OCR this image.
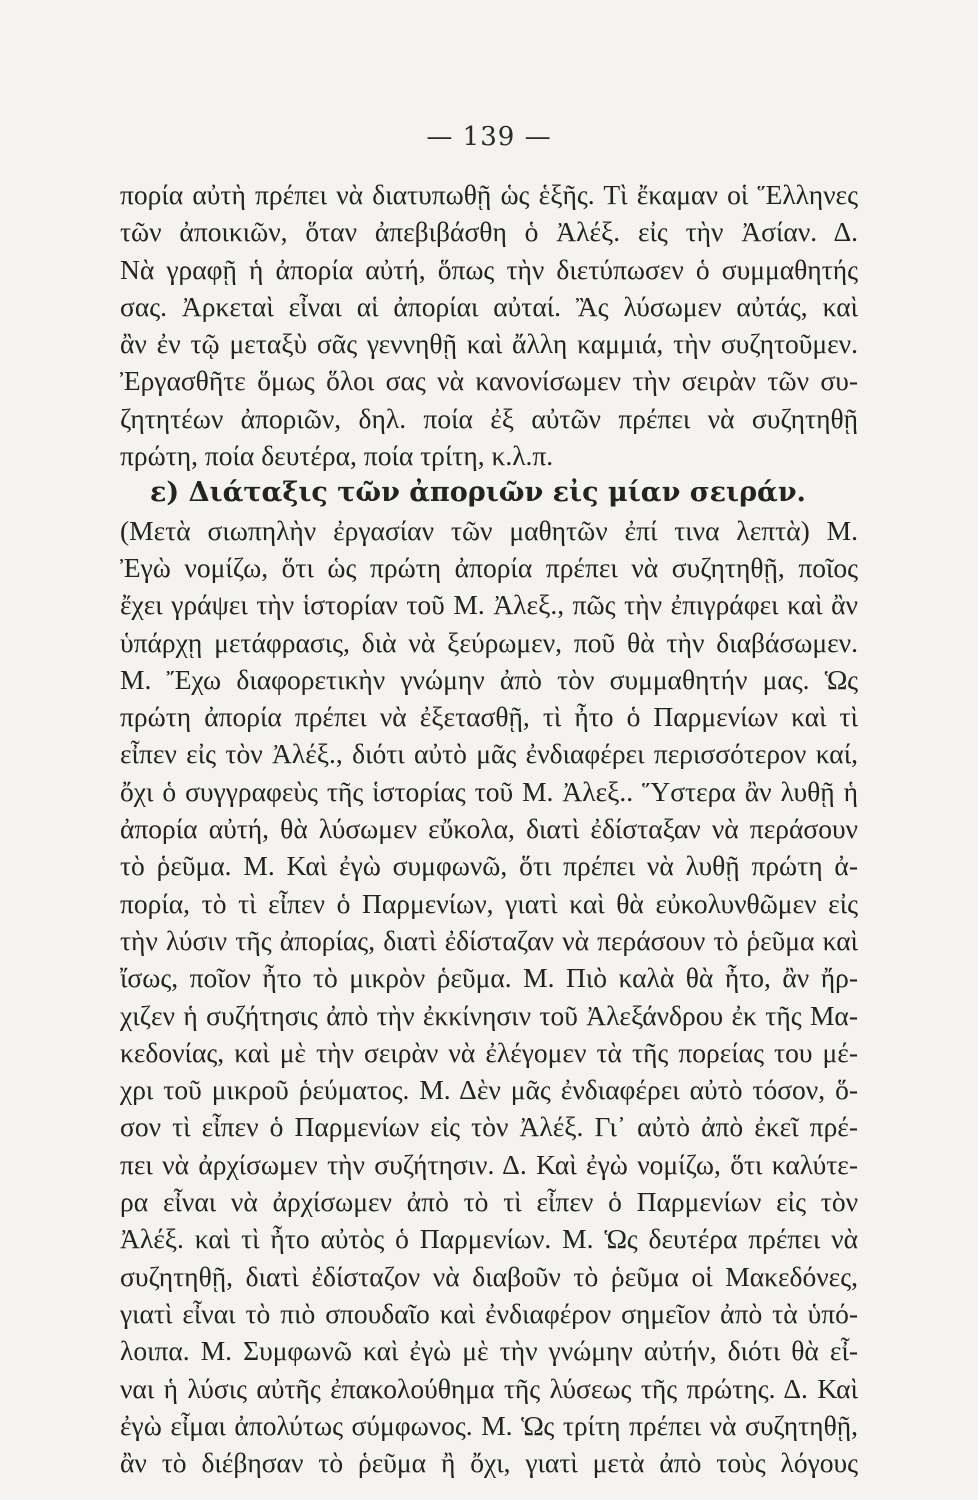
— 139 —
πορία αὐτὴ πρέπει νὰ διατυπωθῇ ὡς ἑξῆς. Τὶ ἔκαμαν οἱ Ἕλληνες
τῶν ἀποικιῶν, ὅταν ἀπεβιβάσθη ὁ Ἀλέξ. εἰς τὴν Ἀσίαν. Δ.
Νὰ γραφῇ ἡ ἀπορία αὐτή, ὅπως τὴν διετύπωσεν ὁ συμμαθητής
σας. Ἀρκεταὶ εἶναι αἱ ἀπορίαι αὐταί. Ἂς λύσωμεν αὐτάς, καὶ
ἂν ἐν τῷ μεταξὺ σᾶς γεννηθῇ καὶ ἄλλη καμμιά, τὴν συζητοῦμεν.
Ἐργασθῆτε ὅμως ὅλοι σας νὰ κανονίσωμεν τὴν σειρὰν τῶν συ-
ζητητέων ἀποριῶν, δηλ. ποία ἐξ αὐτῶν πρέπει νὰ συζητηθῇ
πρώτη, ποία δευτέρα, ποία τρίτη, κ.λ.π.
ε) Διάταξις τῶν ἀποριῶν εἰς μίαν σειράν.
(Μετὰ σιωπηλὴν ἐργασίαν τῶν μαθητῶν ἐπί τινα λεπτὰ) Μ.
Ἐγὼ νομίζω, ὅτι ὡς πρώτη ἀπορία πρέπει νὰ συζητηθῇ, ποῖος
ἔχει γράψει τὴν ἱστορίαν τοῦ Μ. Ἀλεξ., πῶς τὴν ἐπιγράφει καὶ ἂν
ὑπάρχῃ μετάφρασις, διὰ νὰ ξεύρωμεν, ποῦ θὰ τὴν διαβάσωμεν.
Μ. Ἔχω διαφορετικὴν γνώμην ἀπὸ τὸν συμμαθητήν μας. Ὡς
πρώτη ἀπορία πρέπει νὰ ἐξετασθῇ, τὶ ἦτο ὁ Παρμενίων καὶ τὶ
εἶπεν εἰς τὸν Ἀλέξ., διότι αὐτὸ μᾶς ἐνδιαφέρει περισσότερον καί,
ὄχι ὁ συγγραφεὺς τῆς ἱστορίας τοῦ Μ. Ἀλεξ.. Ὕστερα ἂν λυθῇ ἡ
ἀπορία αὐτή, θὰ λύσωμεν εὔκολα, διατὶ ἐδίσταξαν νὰ περάσουν
τὸ ῥεῦμα. Μ. Καὶ ἐγὼ συμφωνῶ, ὅτι πρέπει νὰ λυθῇ πρώτη ἀ-
πορία, τὸ τὶ εἶπεν ὁ Παρμενίων, γιατὶ καὶ θὰ εὐκολυνθῶμεν εἰς
τὴν λύσιν τῆς ἀπορίας, διατὶ ἐδίσταζαν νὰ περάσουν τὸ ῥεῦμα καὶ
ἴσως, ποῖον ἦτο τὸ μικρὸν ῥεῦμα. Μ. Πιὸ καλὰ θὰ ἦτο, ἂν ἤρ-
χιζεν ἡ συζήτησις ἀπὸ τὴν ἐκκίνησιν τοῦ Ἀλεξάνδρου ἐκ τῆς Μα-
κεδονίας, καὶ μὲ τὴν σειρὰν νὰ ἐλέγομεν τὰ τῆς πορείας του μέ-
χρι τοῦ μικροῦ ῥεύματος. Μ. Δὲν μᾶς ἐνδιαφέρει αὐτὸ τόσον, ὅ-
σον τὶ εἶπεν ὁ Παρμενίων εἰς τὸν Ἀλέξ. Γι᾽ αὐτὸ ἀπὸ ἐκεῖ πρέ-
πει νὰ ἀρχίσωμεν τὴν συζήτησιν. Δ. Καὶ ἐγὼ νομίζω, ὅτι καλύτε-
ρα εἶναι νὰ ἀρχίσωμεν ἀπὸ τὸ τὶ εἶπεν ὁ Παρμενίων εἰς τὸν
Ἀλέξ. καὶ τὶ ἦτο αὐτὸς ὁ Παρμενίων. Μ. Ὡς δευτέρα πρέπει νὰ
συζητηθῇ, διατὶ ἐδίσταζον νὰ διαβοῦν τὸ ῥεῦμα οἱ Μακεδόνες,
γιατὶ εἶναι τὸ πιὸ σπουδαῖο καὶ ἐνδιαφέρον σημεῖον ἀπὸ τὰ ὑπό-
λοιπα. Μ. Συμφωνῶ καὶ ἐγὼ μὲ τὴν γνώμην αὐτήν, διότι θὰ εἶ-
ναι ἡ λύσις αὐτῆς ἐπακολούθημα τῆς λύσεως τῆς πρώτης. Δ. Καὶ
ἐγὼ εἶμαι ἀπολύτως σύμφωνος. Μ. Ὡς τρίτη πρέπει νὰ συζητηθῇ,
ἂν τὸ διέβησαν τὸ ῥεῦμα ἢ ὄχι, γιατὶ μετὰ ἀπὸ τοὺς λόγους
